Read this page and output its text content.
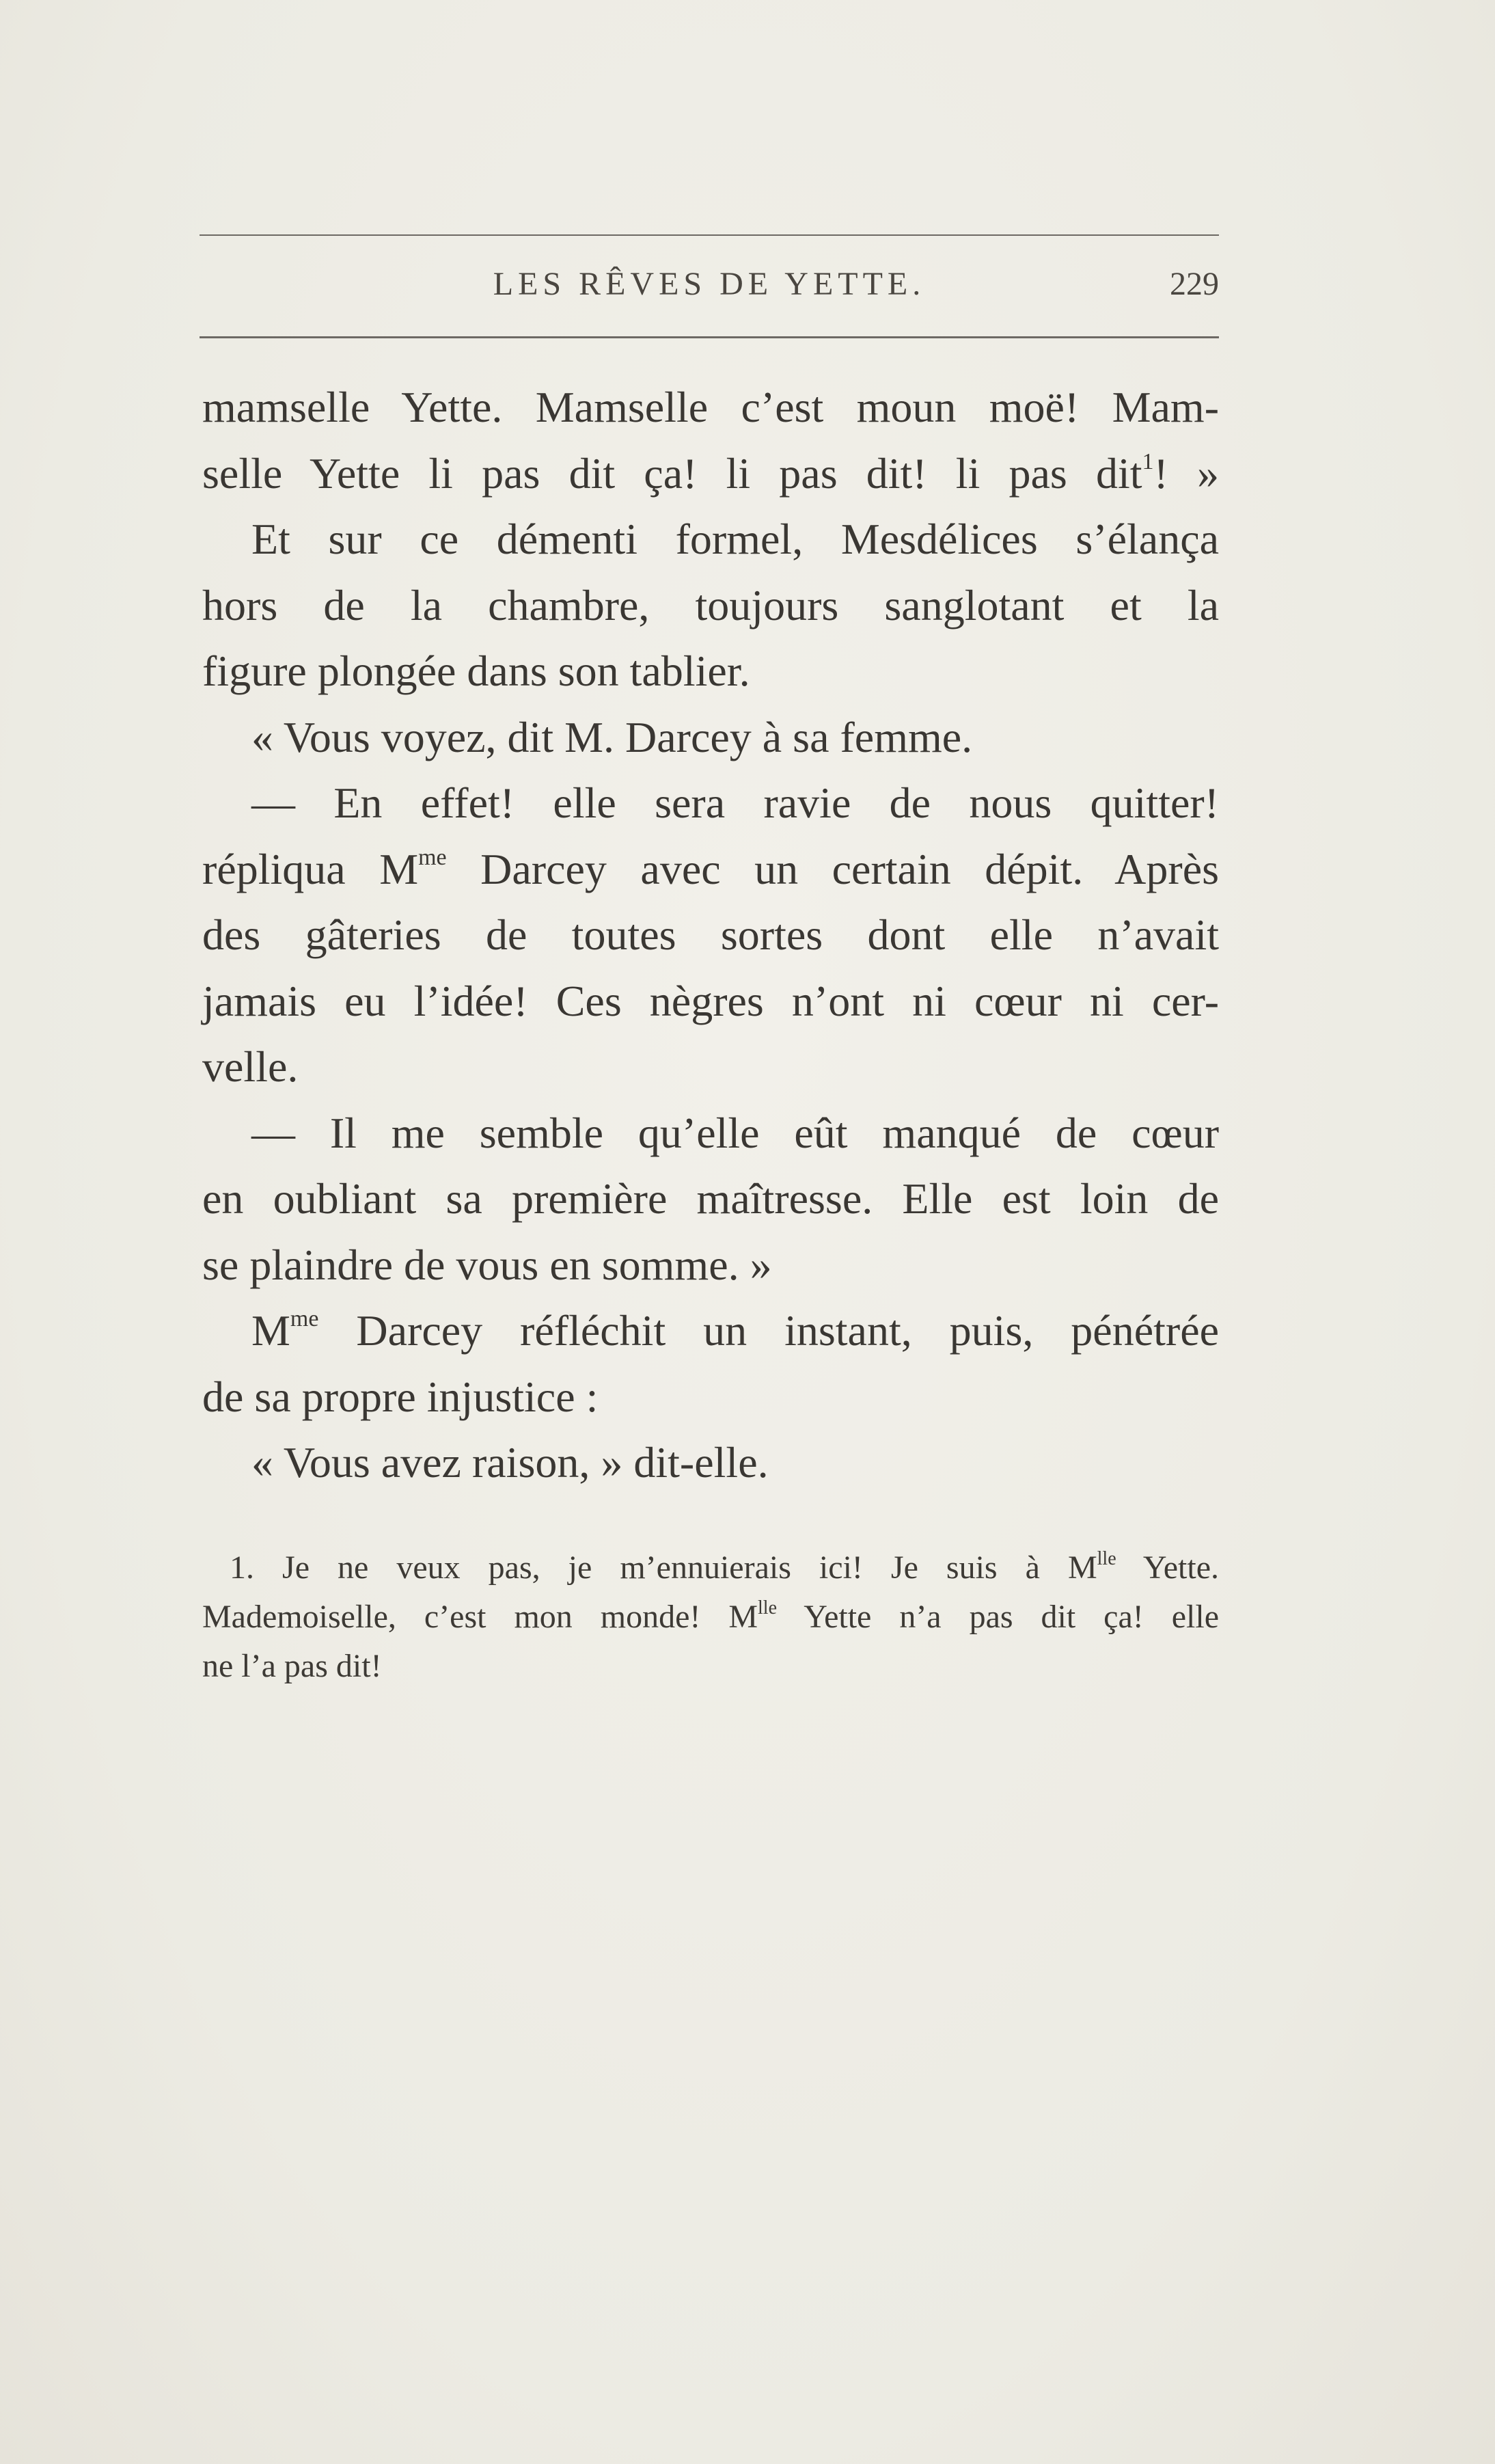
LES RÊVES DE YETTE.	229
mamselle Yette. Mamselle c’est moun moë! Mam-
selle Yette li pas dit ça! li pas dit! li pas dit$^1$! »
Et sur ce démenti formel, Mesdélices s’élança
hors de la chambre, toujours sanglotant et la
figure plongée dans son tablier.
« Vous voyez, dit M. Darcey à sa femme.
— En effet! elle sera ravie de nous quitter!
répliqua $M^{me}$ Darcey avec un certain dépit. Après
des gâteries de toutes sortes dont elle n’avait
jamais eu l’idée! Ces nègres n’ont ni cœur ni cer-
velle.
— Il me semble qu’elle eût manqué de cœur
en oubliant sa première maîtresse. Elle est loin de
se plaindre de vous en somme. »
$M^{me}$ Darcey réfléchit un instant, puis, pénétrée
de sa propre injustice :
« Vous avez raison, » dit-elle.
1. Je ne veux pas, je m’ennuierais ici! Je suis à $M^{lle}$ Yette.
Mademoiselle, c’est mon monde! $M^{lle}$ Yette n’a pas dit ça! elle
ne l’a pas dit!
